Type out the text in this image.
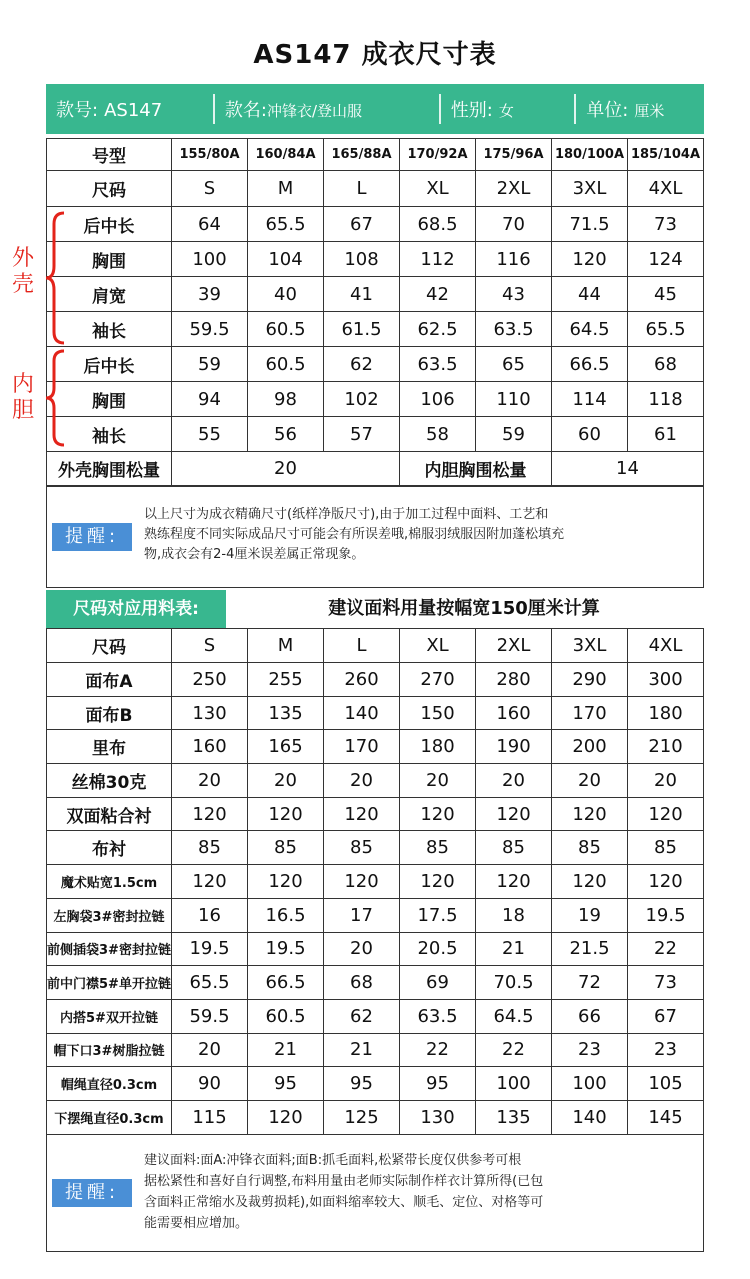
AS147 成衣尺寸表
款号: AS147	款名: 冲锋衣/登山服	性别: 女	单位: 厘米
号型	155/80A	160/84A	165/88A	170/92A	175/96A	180/100A	185/104A
尺码	S	M	L	XL	2XL	3XL	4XL
后中长	64	65.5	67	68.5	70	71.5	73
胸围	100	104	108	112	116	120	124
肩宽	39	40	41	42	43	44	45
袖长	59.5	60.5	61.5	62.5	63.5	64.5	65.5
后中长	59	60.5	62	63.5	65	66.5	68
胸围	94	98	102	106	110	114	118
袖长	55	56	57	58	59	60	61
外壳胸围松量	20			内胆胸围松量		14	
外壳
内胆
提醒:
以上尺寸为成衣精确尺寸(纸样净版尺寸),由于加工过程中面料、工艺和
熟练程度不同实际成品尺寸可能会有所误差哦,棉服羽绒服因附加蓬松填充
物,成衣会有2-4厘米误差属正常现象。
尺码对应用料表:	建议面料用量按幅宽150厘米计算
尺码	S	M	L	XL	2XL	3XL	4XL
面布A	250	255	260	270	280	290	300
面布B	130	135	140	150	160	170	180
里布	160	165	170	180	190	200	210
丝棉30克	20	20	20	20	20	20	20
双面粘合衬	120	120	120	120	120	120	120
布衬	85	85	85	85	85	85	85
魔术贴宽1.5cm	120	120	120	120	120	120	120
左胸袋3#密封拉链	16	16.5	17	17.5	18	19	19.5
前侧插袋3#密封拉链	19.5	19.5	20	20.5	21	21.5	22
前中门襟5#单开拉链	65.5	66.5	68	69	70.5	72	73
内搭5#双开拉链	59.5	60.5	62	63.5	64.5	66	67
帽下口3#树脂拉链	20	21	21	22	22	23	23
帽绳直径0.3cm	90	95	95	95	100	100	105
下摆绳直径0.3cm	115	120	125	130	135	140	145
提醒:
建议面料:面A:冲锋衣面料;面B:抓毛面料,松紧带长度仅供参考可根
据松紧性和喜好自行调整,布料用量由老师实际制作样衣计算所得(已包
含面料正常缩水及裁剪损耗),如面料缩率较大、顺毛、定位、对格等可
能需要相应增加。
